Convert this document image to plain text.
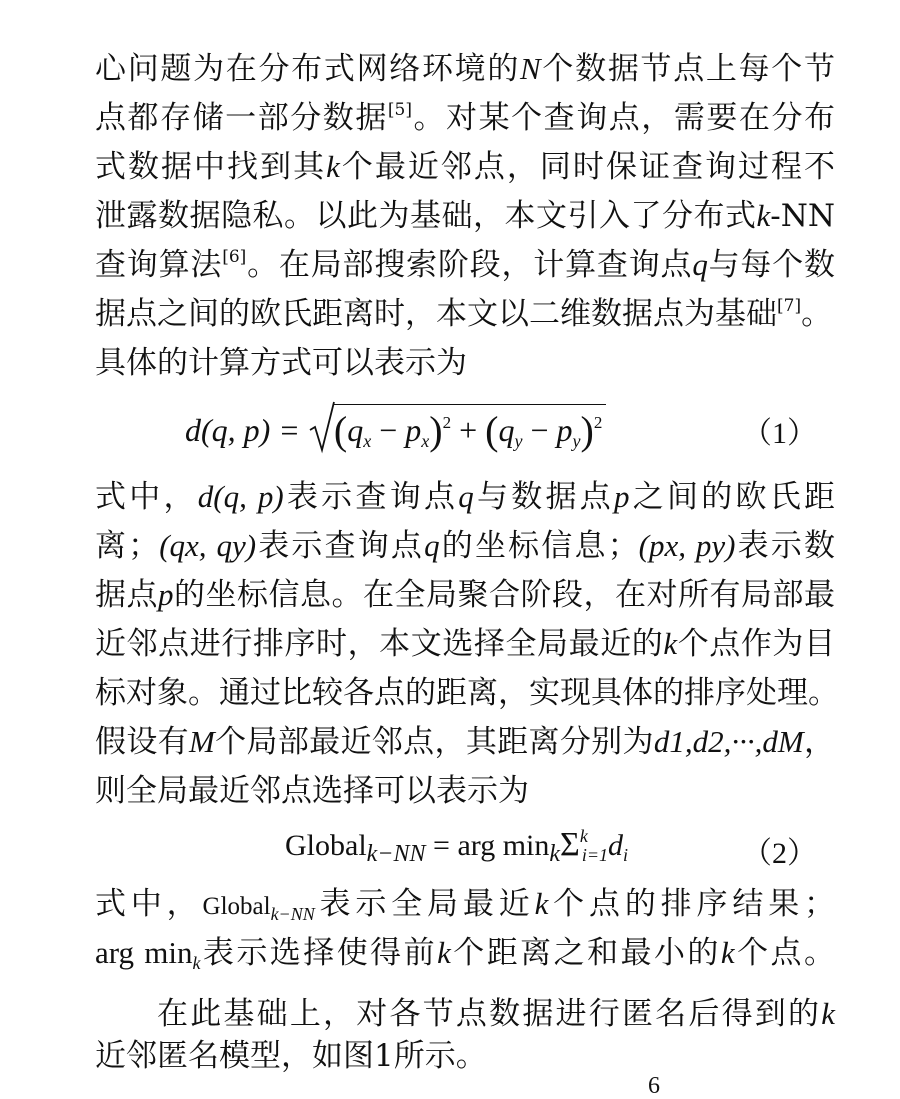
心问题为在分布式网络环境的N个数据节点上每个节
点都存储一部分数据[5]。对某个查询点，需要在分布
式数据中找到其k个最近邻点，同时保证查询过程不
泄露数据隐私。以此为基础，本文引入了分布式k-NN
查询算法[6]。在局部搜索阶段，计算查询点q与每个数
据点之间的欧氏距离时，本文以二维数据点为基础[7]。
具体的计算方式可以表示为
d(q, $p) = (q_x - p_x)^2 + (q_y - p_y)^2$	（1）
式中，d(q, p)表示查询点q与数据点p之间的欧氏距
离；(qx, qy)表示查询点q的坐标信息；(px, py)表示数
据点p的坐标信息。在全局聚合阶段，在对所有局部最
近邻点进行排序时，本文选择全局最近的k个点作为目
标对象。通过比较各点的距离，实现具体的排序处理。
假设有M个局部最近邻点，其距离分别为d1,d2,···,dM，
则全局最近邻点选择可以表示为
Global$_{k-NN}$ = arg $\min_k\Sigma^k_{i=1}d_i$	（2）
式中，Global$_{k-NN}$表示全局最近k个点的排序结果；
arg $\min_k$表示选择使得前k个距离之和最小的k个点。
在此基础上，对各节点数据进行匿名后得到的k
近邻匿名模型，如图1所示。
6
